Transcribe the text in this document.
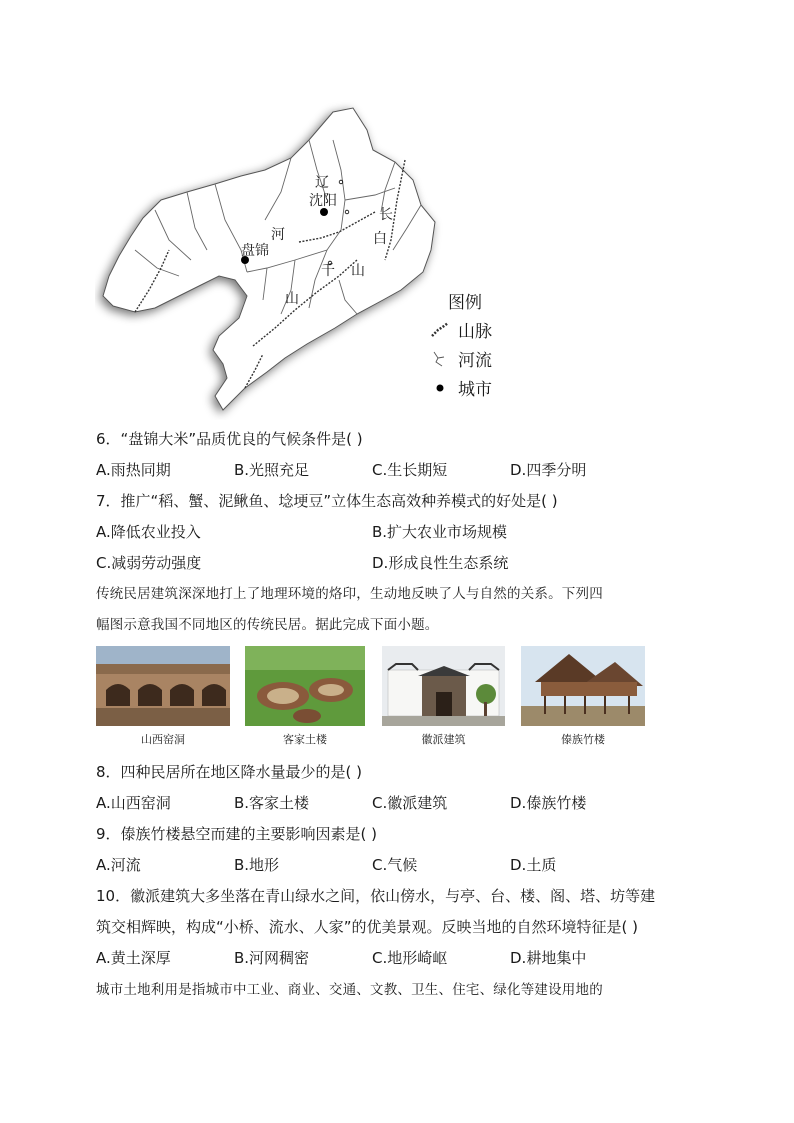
辽
沈阳
长
白
河
盘锦
千 山
山	图例
山脉
河流
城市
6．“盘锦大米”品质优良的气候条件是( )
A.雨热同期	B.光照充足	C.生长期短	D.四季分明
7．推广“稻、蟹、泥鳅鱼、埝埂豆”立体生态高效种养模式的好处是( )
A.降低农业投入	B.扩大农业市场规模
C.减弱劳动强度	D.形成良性生态系统
传统民居建筑深深地打上了地理环境的烙印，生动地反映了人与自然的关系。下列四
幅图示意我国不同地区的传统民居。据此完成下面小题。
山西窑洞	客家土楼	徽派建筑	傣族竹楼
8．四种民居所在地区降水量最少的是( )
A.山西窑洞	B.客家土楼	C.徽派建筑	D.傣族竹楼
9．傣族竹楼悬空而建的主要影响因素是( )
A.河流	B.地形	C.气候	D.土质
10．徽派建筑大多坐落在青山绿水之间，依山傍水，与亭、台、楼、阁、塔、坊等建
筑交相辉映，构成“小桥、流水、人家”的优美景观。反映当地的自然环境特征是( )
A.黄土深厚	B.河网稠密	C.地形崎岖	D.耕地集中
城市土地利用是指城市中工业、商业、交通、文教、卫生、住宅、绿化等建设用地的
